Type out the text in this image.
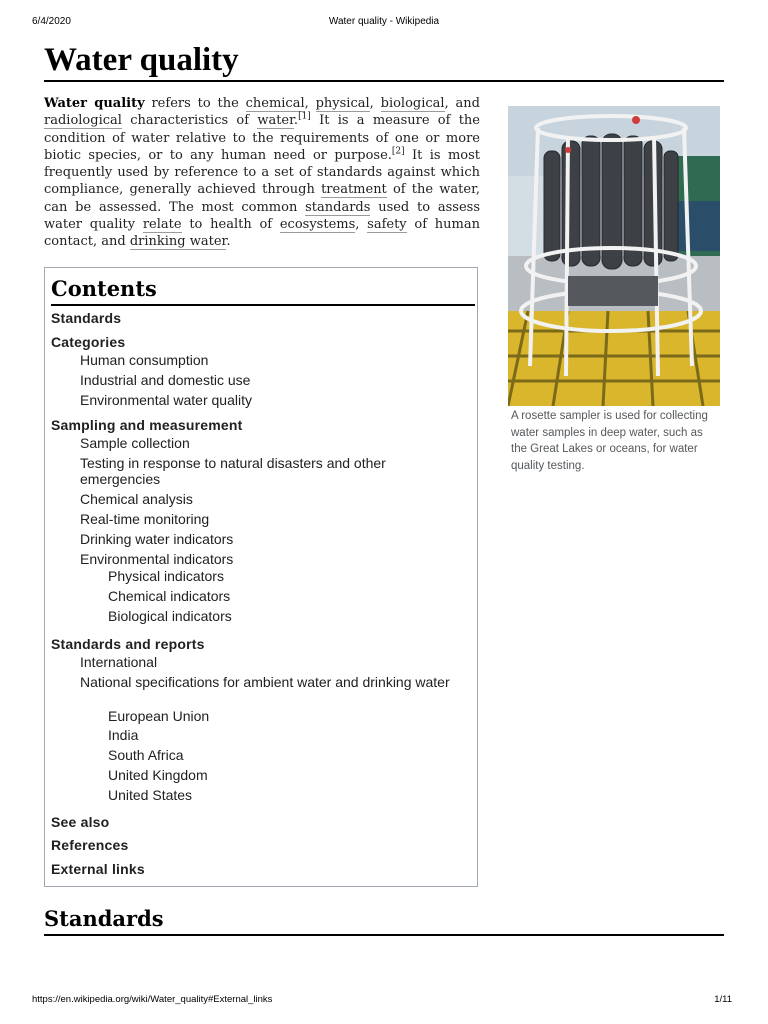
6/4/2020	Water quality - Wikipedia
Water quality

Water quality refers to the chemical, physical, biological, and radiological characteristics of water.[1] It is a measure of the condition of water relative to the requirements of one or more biotic species, or to any human need or purpose.[2] It is most frequently used by reference to a set of standards against which compliance, generally achieved through treatment of the water, can be assessed. The most common standards used to assess water quality relate to health of ecosystems, safety of human contact, and drinking water.

A rosette sampler is used for collecting water samples in deep water, such as the Great Lakes or oceans, for water quality testing.
Contents
Standards
Categories
Human consumption
Industrial and domestic use
Environmental water quality
Sampling and measurement
Sample collection
Testing in response to natural disasters and other emergencies
Chemical analysis
Real-time monitoring
Drinking water indicators
Environmental indicators
Physical indicators
Chemical indicators
Biological indicators
Standards and reports
International
National specifications for ambient water and drinking water
European Union
India
South Africa
United Kingdom
United States
See also
References
External links
Standards
https://en.wikipedia.org/wiki/Water_quality#External_links	1/11
